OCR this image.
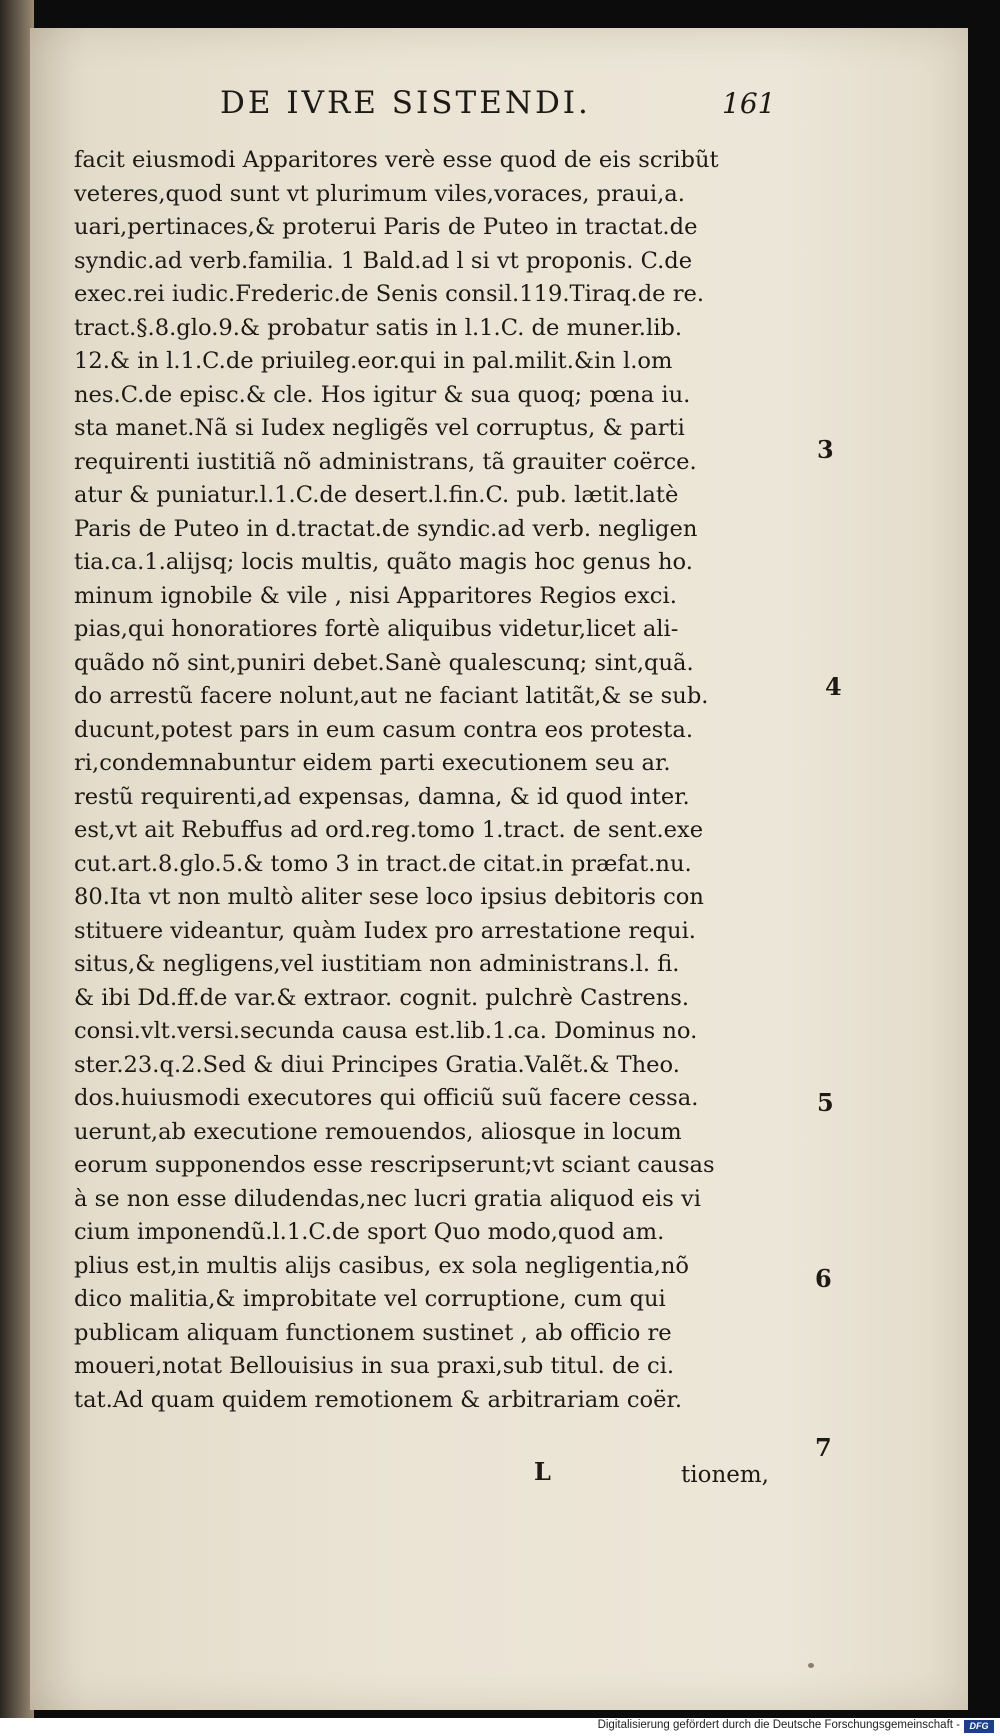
DE IVRE SISTENDI.	161
facit eiusmodi Apparitores verè esse quod de eis scribũt
veteres,quod sunt vt plurimum viles,voraces, praui,a.
uari,pertinaces,& proterui Paris de Puteo in tractat.de
syndic.ad verb.familia. 1 Bald.ad l si vt proponis. C.de
exec.rei iudic.Frederic.de Senis consil.119.Tiraq.de re.
tract.§.8.glo.9.& probatur satis in l.1.C. de muner.lib.
12.& in l.1.C.de priuileg.eor.qui in pal.milit.&in l.om
nes.C.de episc.& cle. Hos igitur & sua quoq; pœna iu.
sta manet.Nã si Iudex negligẽs vel corruptus, & parti
requirenti iustitiã nõ administrans, tã grauiter coërce.
atur & puniatur.l.1.C.de desert.l.fin.C. pub. lætit.latè
Paris de Puteo in d.tractat.de syndic.ad verb. negligen
tia.ca.1.alijsq; locis multis, quãto magis hoc genus ho.
minum ignobile & vile , nisi Apparitores Regios exci.
pias,qui honoratiores fortè aliquibus videtur,licet ali-
quãdo nõ sint,puniri debet.Sanè qualescunq; sint,quã.
do arrestũ facere nolunt,aut ne faciant latitãt,& se sub.
ducunt,potest pars in eum casum contra eos protesta.
ri,condemnabuntur eidem parti executionem seu ar.
restũ requirenti,ad expensas, damna, & id quod inter.
est,vt ait Rebuffus ad ord.reg.tomo 1.tract. de sent.exe
cut.art.8.glo.5.& tomo 3 in tract.de citat.in præfat.nu.
80.Ita vt non multò aliter sese loco ipsius debitoris con
stituere videantur, quàm Iudex pro arrestatione requi.
situs,& negligens,vel iustitiam non administrans.l. fi.
& ibi Dd.ff.de var.& extraor. cognit. pulchrè Castrens.
consi.vlt.versi.secunda causa est.lib.1.ca. Dominus no.
ster.23.q.2.Sed & diui Principes Gratia.Valẽt.& Theo.
dos.huiusmodi executores qui officiũ suũ facere cessa.
uerunt,ab executione remouendos, aliosque in locum
eorum supponendos esse rescripserunt;vt sciant causas
à se non esse diludendas,nec lucri gratia aliquod eis vi
cium imponendũ.l.1.C.de sport Quo modo,quod am.
plius est,in multis alijs casibus, ex sola negligentia,nõ
dico malitia,& improbitate vel corruptione, cum qui
publicam aliquam functionem sustinet , ab officio re
moueri,notat Bellouisius in sua praxi,sub titul. de ci.
tat.Ad quam quidem remotionem & arbitrariam coër.
3
4
5
6
7
L	tionem,
Digitalisierung gefördert durch die Deutsche Forschungsgemeinschaft -	DFG
